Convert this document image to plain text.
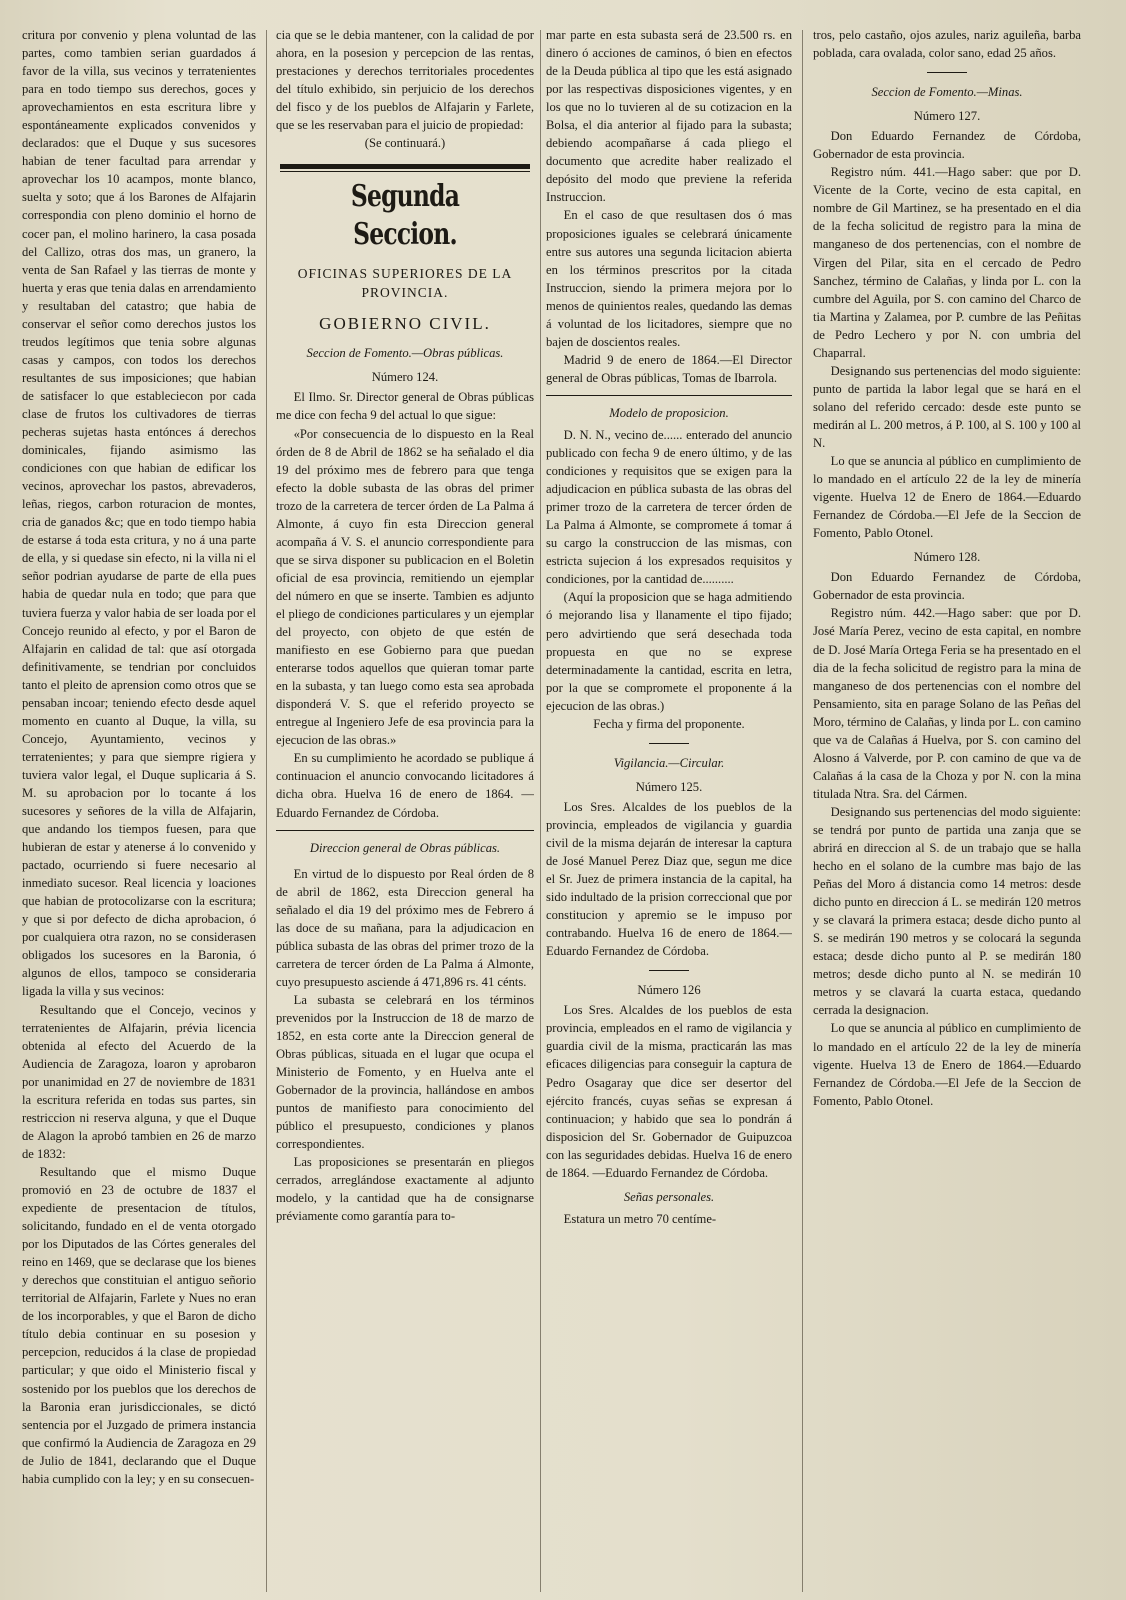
critura por convenio y plena voluntad de las partes, como tambien serian guardados á favor de la villa, sus vecinos y terratenientes para en todo tiempo sus derechos, goces y aprovechamientos en esta escritura libre y espontáneamente explicados convenidos y declarados: que el Duque y sus sucesores habian de tener facultad para arrendar y aprovechar los 10 acampos, monte blanco, suelta y soto; que á los Barones de Alfajarin correspondia con pleno dominio el horno de cocer pan, el molino harinero, la casa posada del Callizo, otras dos mas, un granero, la venta de San Rafael y las tierras de monte y huerta y eras que tenia dalas en arrendamiento y resultaban del catastro; que habia de conservar el señor como derechos justos los treudos legítimos que tenia sobre algunas casas y campos, con todos los derechos resultantes de sus imposiciones; que habian de satisfacer lo que estableciecon por cada clase de frutos los cultivadores de tierras pecheras sujetas hasta entónces á derechos dominicales, fijando asimismo las condiciones con que habian de edificar los vecinos, aprovechar los pastos, abrevaderos, leñas, riegos, carbon roturacion de montes, cria de ganados &c; que en todo tiempo habia de estarse á toda esta critura, y no á una parte de ella, y si quedase sin efecto, ni la villa ni el señor podrian ayudarse de parte de ella pues habia de quedar nula en todo; que para que tuviera fuerza y valor habia de ser loada por el Concejo reunido al efecto, y por el Baron de Alfajarin en calidad de tal: que así otorgada definitivamente, se tendrian por concluidos tanto el pleito de aprension como otros que se pensaban incoar; teniendo efecto desde aquel momento en cuanto al Duque, la villa, su Concejo, Ayuntamiento, vecinos y terratenientes; y para que siempre rigiera y tuviera valor legal, el Duque suplicaria á S. M. su aprobacion por lo tocante á los sucesores y señores de la villa de Alfajarin, que andando los tiempos fuesen, para que hubieran de estar y atenerse á lo convenido y pactado, ocurriendo si fuere necesario al inmediato sucesor. Real licencia y loaciones que habian de protocolizarse con la escritura; y que si por defecto de dicha aprobacion, ó por cualquiera otra razon, no se considerasen obligados los sucesores en la Baronia, ó algunos de ellos, tampoco se consideraria ligada la villa y sus vecinos:

Resultando que el Concejo, vecinos y terratenientes de Alfajarin, prévia licencia obtenida al efecto del Acuerdo de la Audiencia de Zaragoza, loaron y aprobaron por unanimidad en 27 de noviembre de 1831 la escritura referida en todas sus partes, sin restriccion ni reserva alguna, y que el Duque de Alagon la aprobó tambien en 26 de marzo de 1832:

Resultando que el mismo Duque promovió en 23 de octubre de 1837 el expediente de presentacion de títulos, solicitando, fundado en el de venta otorgado por los Diputados de las Córtes generales del reino en 1469, que se declarase que los bienes y derechos que constituian el antiguo señorio territorial de Alfajarin, Farlete y Nues no eran de los incorporables, y que el Baron de dicho título debia continuar en su posesion y percepcion, reducidos á la clase de propiedad particular; y que oido el Ministerio fiscal y sostenido por los pueblos que los derechos de la Baronia eran jurisdiccionales, se dictó sentencia por el Juzgado de primera instancia que confirmó la Audiencia de Zaragoza en 29 de Julio de 1841, declarando que el Duque habia cumplido con la ley; y en su consecuen-

cia que se le debia mantener, con la calidad de por ahora, en la posesion y percepcion de las rentas, prestaciones y derechos territoriales procedentes del título exhibido, sin perjuicio de los derechos del fisco y de los pueblos de Alfajarin y Farlete, que se les reservaban para el juicio de propiedad:

(Se continuará.)

Segunda Seccion.
OFICINAS SUPERIORES DE LA PROVINCIA.
GOBIERNO CIVIL.
Seccion de Fomento.—Obras públicas.
Número 124.

El Ilmo. Sr. Director general de Obras públicas me dice con fecha 9 del actual lo que sigue:

«Por consecuencia de lo dispuesto en la Real órden de 8 de Abril de 1862 se ha señalado el dia 19 del próximo mes de febrero para que tenga efecto la doble subasta de las obras del primer trozo de la carretera de tercer órden de La Palma á Almonte, á cuyo fin esta Direccion general acompaña á V. S. el anuncio correspondiente para que se sirva disponer su publicacion en el Boletin oficial de esa provincia, remitiendo un ejemplar del número en que se inserte. Tambien es adjunto el pliego de condiciones particulares y un ejemplar del proyecto, con objeto de que estén de manifiesto en ese Gobierno para que puedan enterarse todos aquellos que quieran tomar parte en la subasta, y tan luego como esta sea aprobada disponderá V. S. que el referido proyecto se entregue al Ingeniero Jefe de esa provincia para la ejecucion de las obras.»

En su cumplimiento he acordado se publique á continuacion el anuncio convocando licitadores á dicha obra. Huelva 16 de enero de 1864. —Eduardo Fernandez de Córdoba.

Direccion general de Obras públicas.

En virtud de lo dispuesto por Real órden de 8 de abril de 1862, esta Direccion general ha señalado el dia 19 del próximo mes de Febrero á las doce de su mañana, para la adjudicacion en pública subasta de las obras del primer trozo de la carretera de tercer órden de La Palma á Almonte, cuyo presupuesto asciende á 471,896 rs. 41 cénts.

La subasta se celebrará en los términos prevenidos por la Instruccion de 18 de marzo de 1852, en esta corte ante la Direccion general de Obras públicas, situada en el lugar que ocupa el Ministerio de Fomento, y en Huelva ante el Gobernador de la provincia, hallándose en ambos puntos de manifiesto para conocimiento del público el presupuesto, condiciones y planos correspondientes.

Las proposiciones se presentarán en pliegos cerrados, arreglándose exactamente al adjunto modelo, y la cantidad que ha de consignarse préviamente como garantía para to-

mar parte en esta subasta será de 23.500 rs. en dinero ó acciones de caminos, ó bien en efectos de la Deuda pública al tipo que les está asignado por las respectivas disposiciones vigentes, y en los que no lo tuvieren al de su cotizacion en la Bolsa, el dia anterior al fijado para la subasta; debiendo acompañarse á cada pliego el documento que acredite haber realizado el depósito del modo que previene la referida Instruccion.

En el caso de que resultasen dos ó mas proposiciones iguales se celebrará únicamente entre sus autores una segunda licitacion abierta en los términos prescritos por la citada Instruccion, siendo la primera mejora por lo menos de quinientos reales, quedando las demas á voluntad de los licitadores, siempre que no bajen de doscientos reales.

Madrid 9 de enero de 1864.—El Director general de Obras públicas, Tomas de Ibarrola.

Modelo de proposicion.

D. N. N., vecino de...... enterado del anuncio publicado con fecha 9 de enero último, y de las condiciones y requisitos que se exigen para la adjudicacion en pública subasta de las obras del primer trozo de la carretera de tercer órden de La Palma á Almonte, se compromete á tomar á su cargo la construccion de las mismas, con estricta sujecion á los expresados requisitos y condiciones, por la cantidad de..........

(Aquí la proposicion que se haga admitiendo ó mejorando lisa y llanamente el tipo fijado; pero advirtiendo que será desechada toda propuesta en que no se exprese determinadamente la cantidad, escrita en letra, por la que se compromete el proponente á la ejecucion de las obras.)

Fecha y firma del proponente.

Vigilancia.—Circular.
Número 125.

Los Sres. Alcaldes de los pueblos de la provincia, empleados de vigilancia y guardia civil de la misma dejarán de interesar la captura de José Manuel Perez Diaz que, segun me dice el Sr. Juez de primera instancia de la capital, ha sido indultado de la prision correccional que por constitucion y apremio se le impuso por contrabando. Huelva 16 de enero de 1864.—Eduardo Fernandez de Córdoba.

Número 126

Los Sres. Alcaldes de los pueblos de esta provincia, empleados en el ramo de vigilancia y guardia civil de la misma, practicarán las mas eficaces diligencias para conseguir la captura de Pedro Osagaray que dice ser desertor del ejército francés, cuyas señas se expresan á continuacion; y habido que sea lo pondrán á disposicion del Sr. Gobernador de Guipuzcoa con las seguridades debidas. Huelva 16 de enero de 1864. —Eduardo Fernandez de Córdoba.

Señas personales.

Estatura un metro 70 centíme-

tros, pelo castaño, ojos azules, nariz aguileña, barba poblada, cara ovalada, color sano, edad 25 años.

Seccion de Fomento.—Minas.
Número 127.

Don Eduardo Fernandez de Córdoba, Gobernador de esta provincia.

Registro núm. 441.—Hago saber: que por D. Vicente de la Corte, vecino de esta capital, en nombre de Gil Martinez, se ha presentado en el dia de la fecha solicitud de registro para la mina de manganeso de dos pertenencias, con el nombre de Virgen del Pilar, sita en el cercado de Pedro Sanchez, término de Calañas, y linda por L. con la cumbre del Aguila, por S. con camino del Charco de tia Martina y Zalamea, por P. cumbre de las Peñitas de Pedro Lechero y por N. con umbria del Chaparral.

Designando sus pertenencias del modo siguiente: punto de partida la labor legal que se hará en el solano del referido cercado: desde este punto se medirán al L. 200 metros, á P. 100, al S. 100 y 100 al N.

Lo que se anuncia al público en cumplimiento de lo mandado en el artículo 22 de la ley de minería vigente. Huelva 12 de Enero de 1864.—Eduardo Fernandez de Córdoba.—El Jefe de la Seccion de Fomento, Pablo Otonel.

Número 128.

Don Eduardo Fernandez de Córdoba, Gobernador de esta provincia.

Registro núm. 442.—Hago saber: que por D. José María Perez, vecino de esta capital, en nombre de D. José María Ortega Feria se ha presentado en el dia de la fecha solicitud de registro para la mina de manganeso de dos pertenencias con el nombre del Pensamiento, sita en parage Solano de las Peñas del Moro, término de Calañas, y linda por L. con camino que va de Calañas á Huelva, por S. con camino del Alosno á Valverde, por P. con camino de que va de Calañas á la casa de la Choza y por N. con la mina titulada Ntra. Sra. del Cármen.

Designando sus pertenencias del modo siguiente: se tendrá por punto de partida una zanja que se abrirá en direccion al S. de un trabajo que se halla hecho en el solano de la cumbre mas bajo de las Peñas del Moro á distancia como 14 metros: desde dicho punto en direccion á L. se medirán 120 metros y se clavará la primera estaca; desde dicho punto al S. se medirán 190 metros y se colocará la segunda estaca; desde dicho punto al P. se medirán 180 metros; desde dicho punto al N. se medirán 10 metros y se clavará la cuarta estaca, quedando cerrada la designacion.

Lo que se anuncia al público en cumplimiento de lo mandado en el artículo 22 de la ley de minería vigente. Huelva 13 de Enero de 1864.—Eduardo Fernandez de Córdoba.—El Jefe de la Seccion de Fomento, Pablo Otonel.
